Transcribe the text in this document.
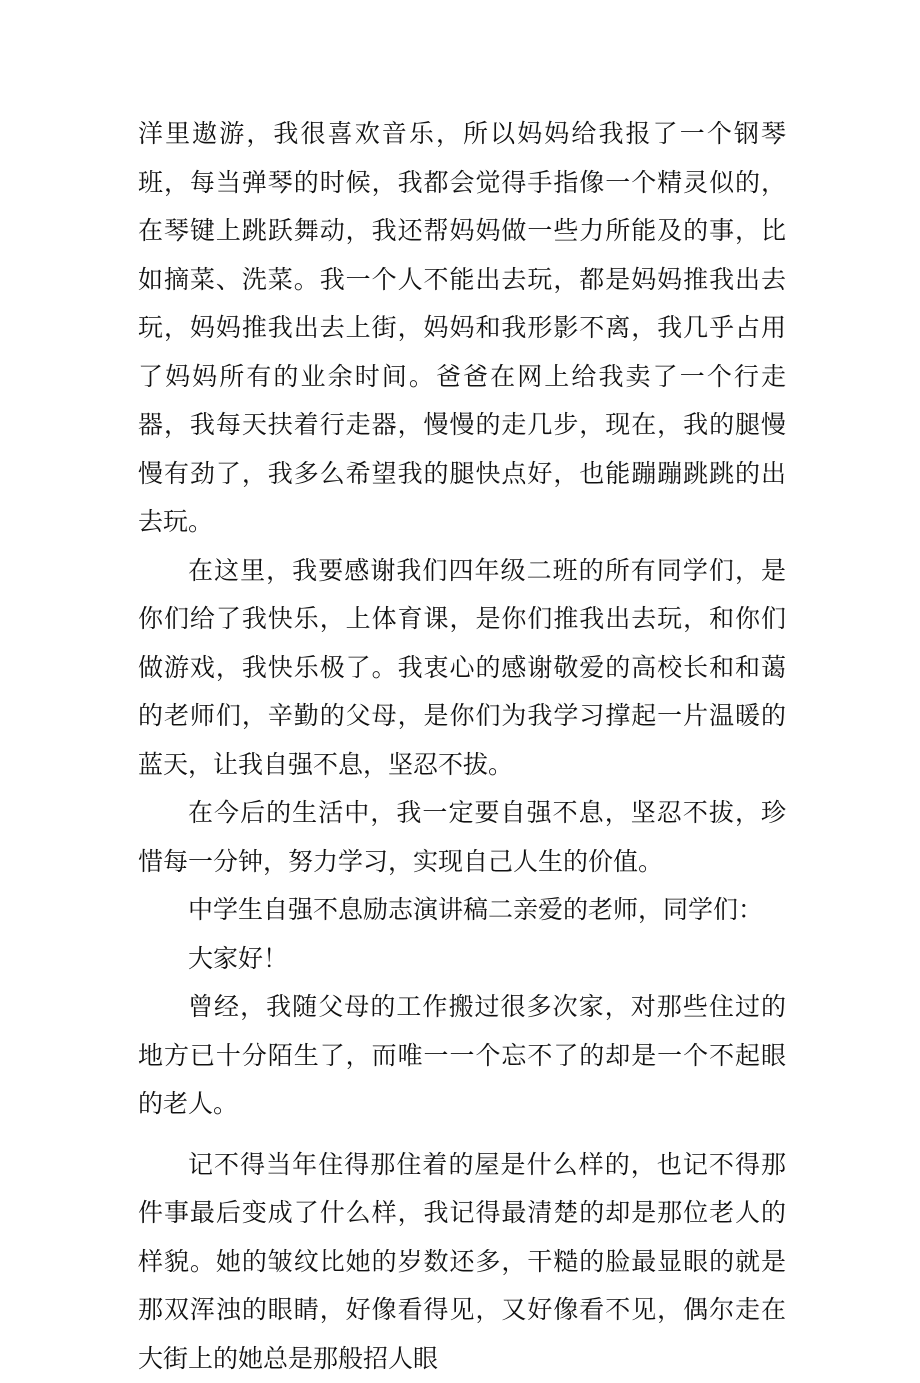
洋里遨游，我很喜欢音乐，所以妈妈给我报了一个钢琴班，每当弹琴的时候，我都会觉得手指像一个精灵似的，在琴键上跳跃舞动，我还帮妈妈做一些力所能及的事，比如摘菜、洗菜。我一个人不能出去玩，都是妈妈推我出去玩，妈妈推我出去上街，妈妈和我形影不离，我几乎占用了妈妈所有的业余时间。爸爸在网上给我卖了一个行走器，我每天扶着行走器，慢慢的走几步，现在，我的腿慢慢有劲了，我多么希望我的腿快点好，也能蹦蹦跳跳的出去玩。

在这里，我要感谢我们四年级二班的所有同学们，是你们给了我快乐，上体育课，是你们推我出去玩，和你们做游戏，我快乐极了。我衷心的感谢敬爱的高校长和和蔼的老师们，辛勤的父母，是你们为我学习撑起一片温暖的蓝天，让我自强不息，坚忍不拔。

在今后的生活中，我一定要自强不息，坚忍不拔，珍惜每一分钟，努力学习，实现自己人生的价值。

中学生自强不息励志演讲稿二亲爱的老师，同学们：

大家好！

曾经，我随父母的工作搬过很多次家，对那些住过的地方已十分陌生了，而唯一一个忘不了的却是一个不起眼的老人。

记不得当年住得那住着的屋是什么样的，也记不得那件事最后变成了什么样，我记得最清楚的却是那位老人的样貌。她的皱纹比她的岁数还多，干糙的脸最显眼的就是那双浑浊的眼睛，好像看得见，又好像看不见，偶尔走在大街上的她总是那般招人眼
